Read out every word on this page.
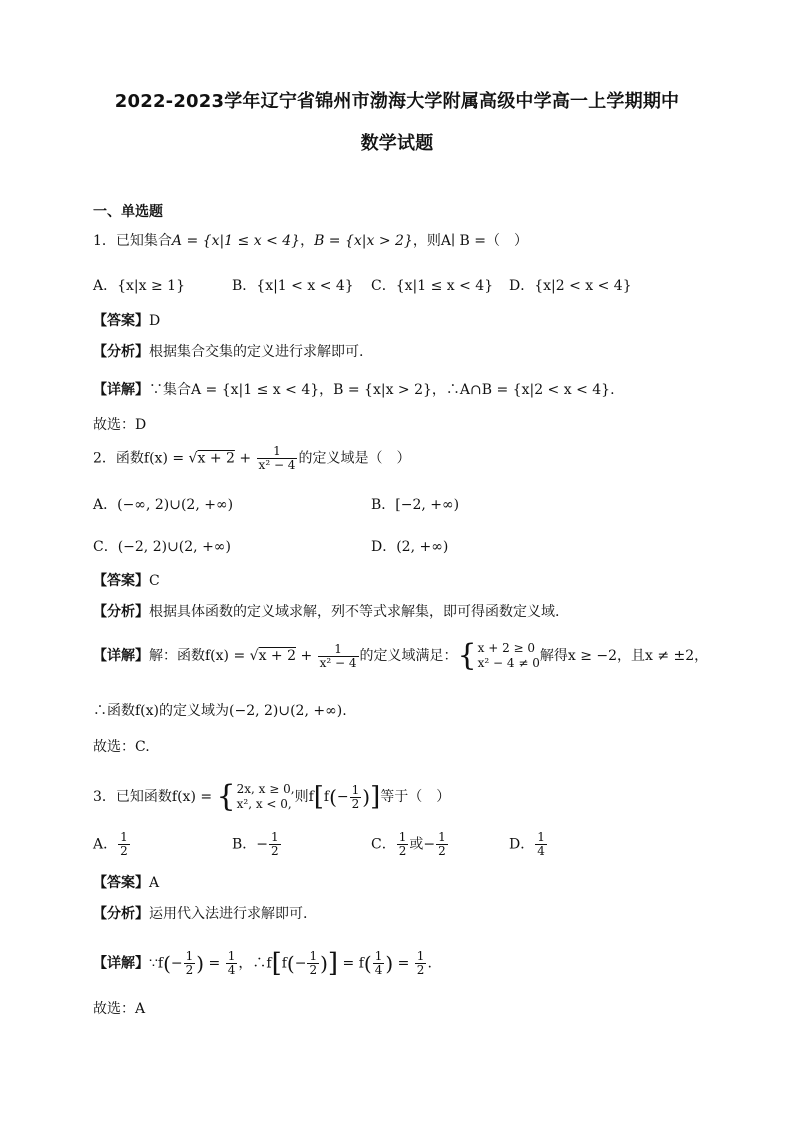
2022-2023学年辽宁省锦州市渤海大学附属高级中学高一上学期期中
数学试题
一、单选题
1．已知集合A = {x|1 ≤ x < 4}，B = {x|x > 2}，则A∣ B =（　）
A．{x|x ≥ 1}	B．{x|1 < x < 4} C．{x|1 ≤ x < 4} D．{x|2 < x < 4}
【答案】D
【分析】根据集合交集的定义进行求解即可.
【详解】∵集合A = {x|1 ≤ x < 4}，B = {x|x > 2}，∴A∩B = {x|2 < x < 4}.
故选：D
2．函数$f(x) = √x + 2 + \frac{1}{\text{x² − 4}}$ 的定义域是（　）
A．(−∞, 2)∪(2, +∞)	B．[−2, +∞)
C．(−2, 2)∪(2, +∞)	D．(2, +∞)
【答案】C
【分析】根据具体函数的定义域求解，列不等式求解集，即可得函数定义域.
【详解】解：函数$f(x) = √x + 2 + \frac{1}{\text{x² − 4}}$ 的定义域满足：{ x + 2 ≥ 0
x² − 4 ≠ 0 解得x ≥ −2，且x ≠ ±2，
∴函数f(x)的定义域为(−2, 2)∪(2, +∞).
故选：C.
3．已知函数f(x) = { 2x, x ≥ 0,
x², x < 0, 则$f[f(- \frac{1}{2}$ )]等于（　）
A． $\frac{1}{2}$	B．− $\frac{1}{2}$	C． $\frac{1}{2}$ 或− $\frac{1}{2}$	D． $\frac{1}{4}$
【答案】A
【分析】运用代入法进行求解即可.
【详解】∵f(− $\frac{1}{2}$ ) = $\frac{1}{4}$ ，∴f[f(− $\frac{1}{2}$ )] = $f( \frac{1}{4}$ ) = $\frac{1}{2}$ .
故选：A
